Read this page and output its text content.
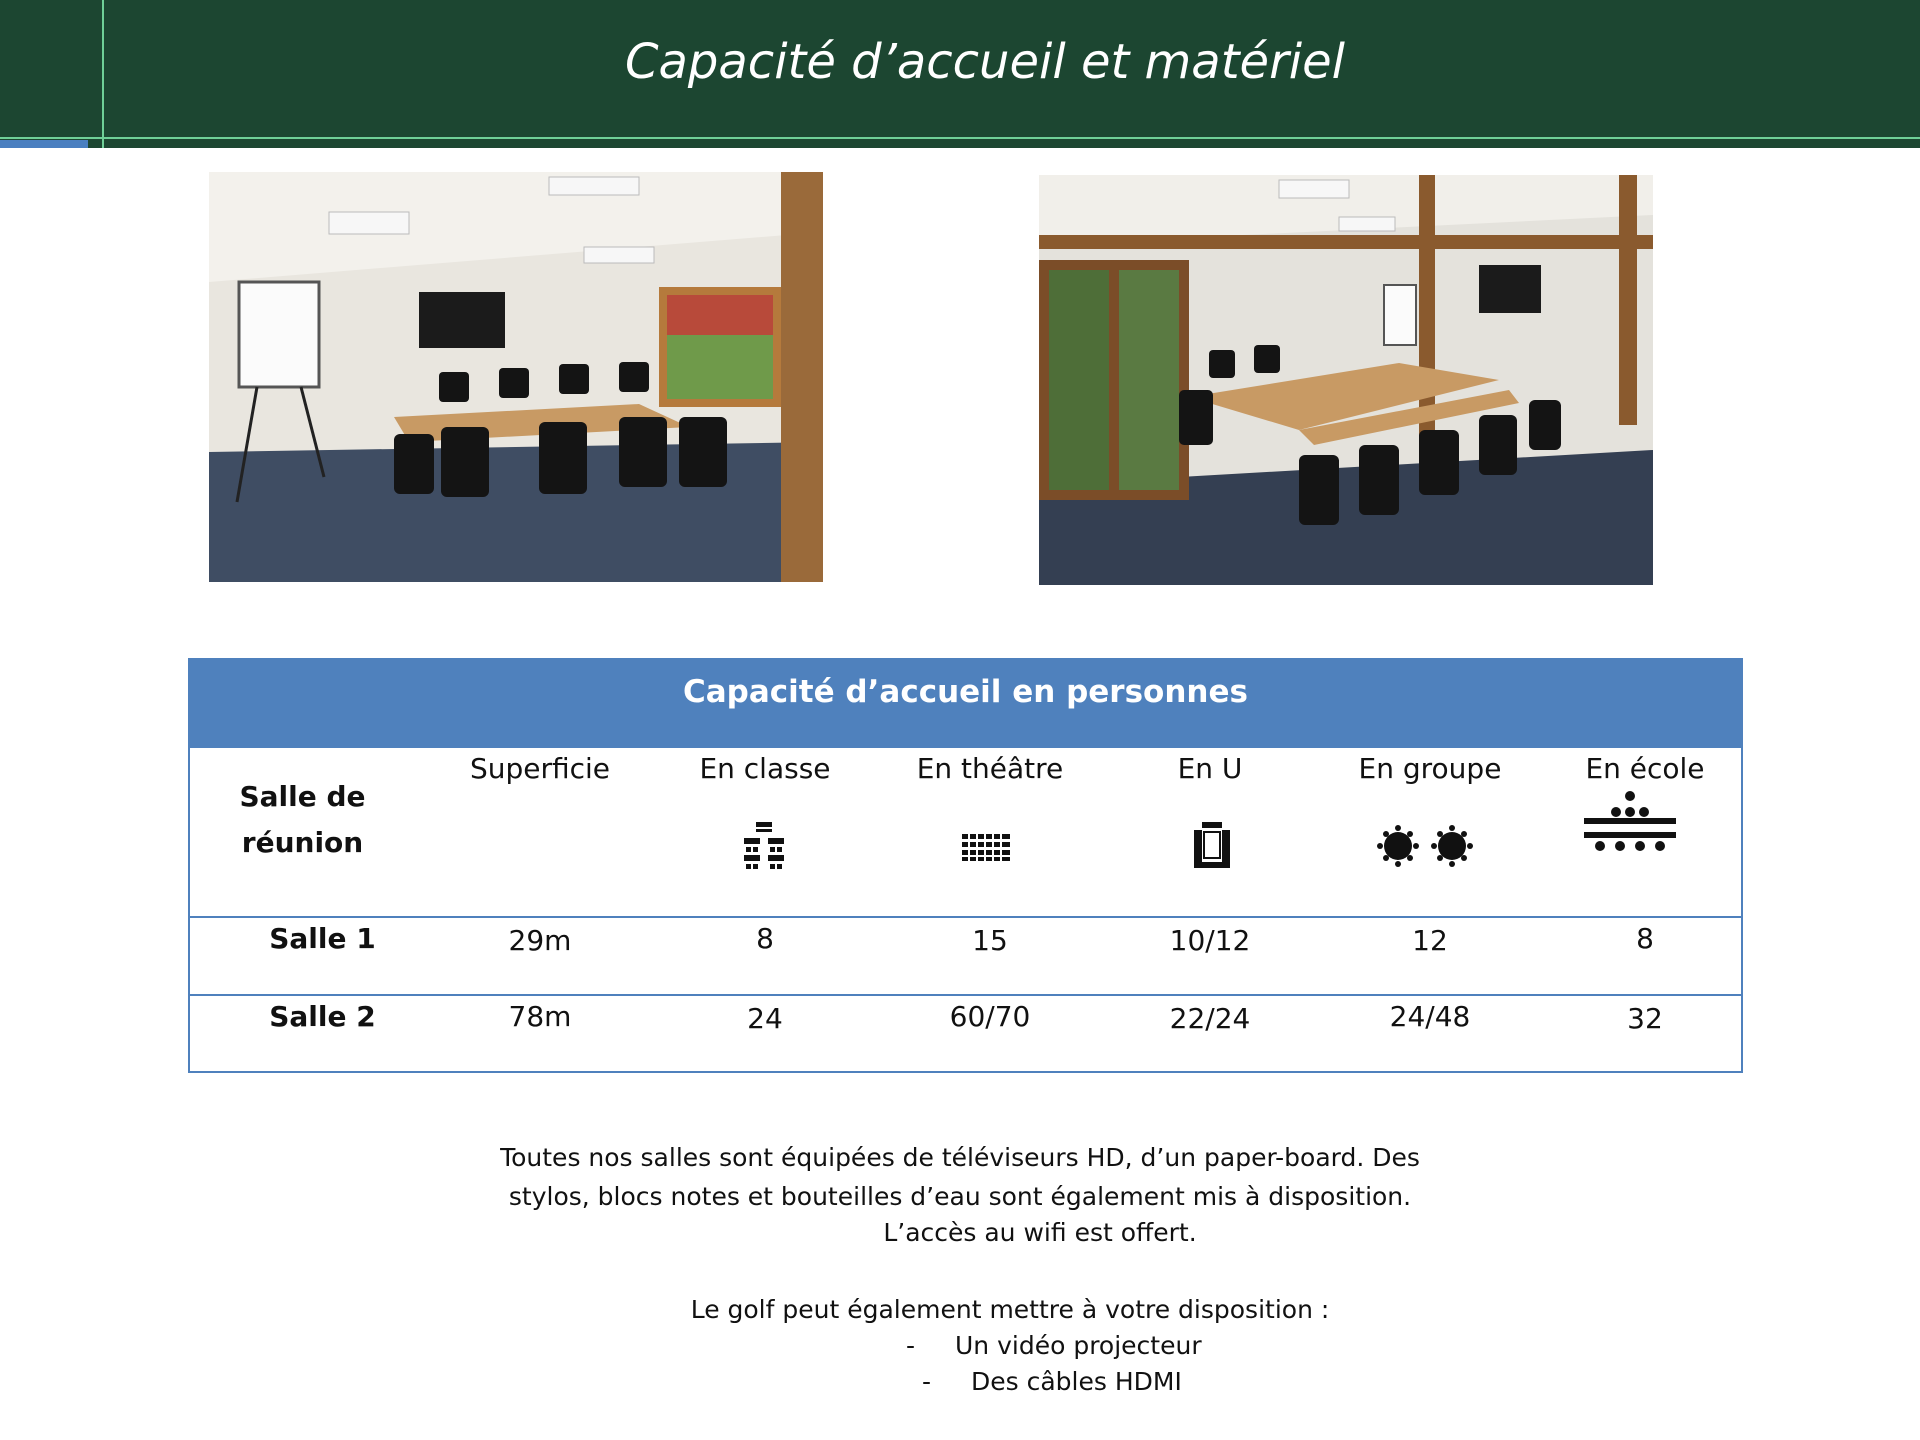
Capacité d’accueil et matériel
Capacité d’accueil en personnes
Salle de
réunion
Superficie	En classe	En théâtre	En U	En groupe	En école
Salle 1	29m	8	15	10/12	12	8
Salle 2	78m	24	60/70	22/24	24/48	32
Toutes nos salles sont équipées de téléviseurs HD, d’un paper-board. Des
stylos, blocs notes et bouteilles d’eau sont également mis à disposition.
L’accès au wifi est offert.
Le golf peut également mettre à votre disposition :
- Un vidéo projecteur
- Des câbles HDMI
